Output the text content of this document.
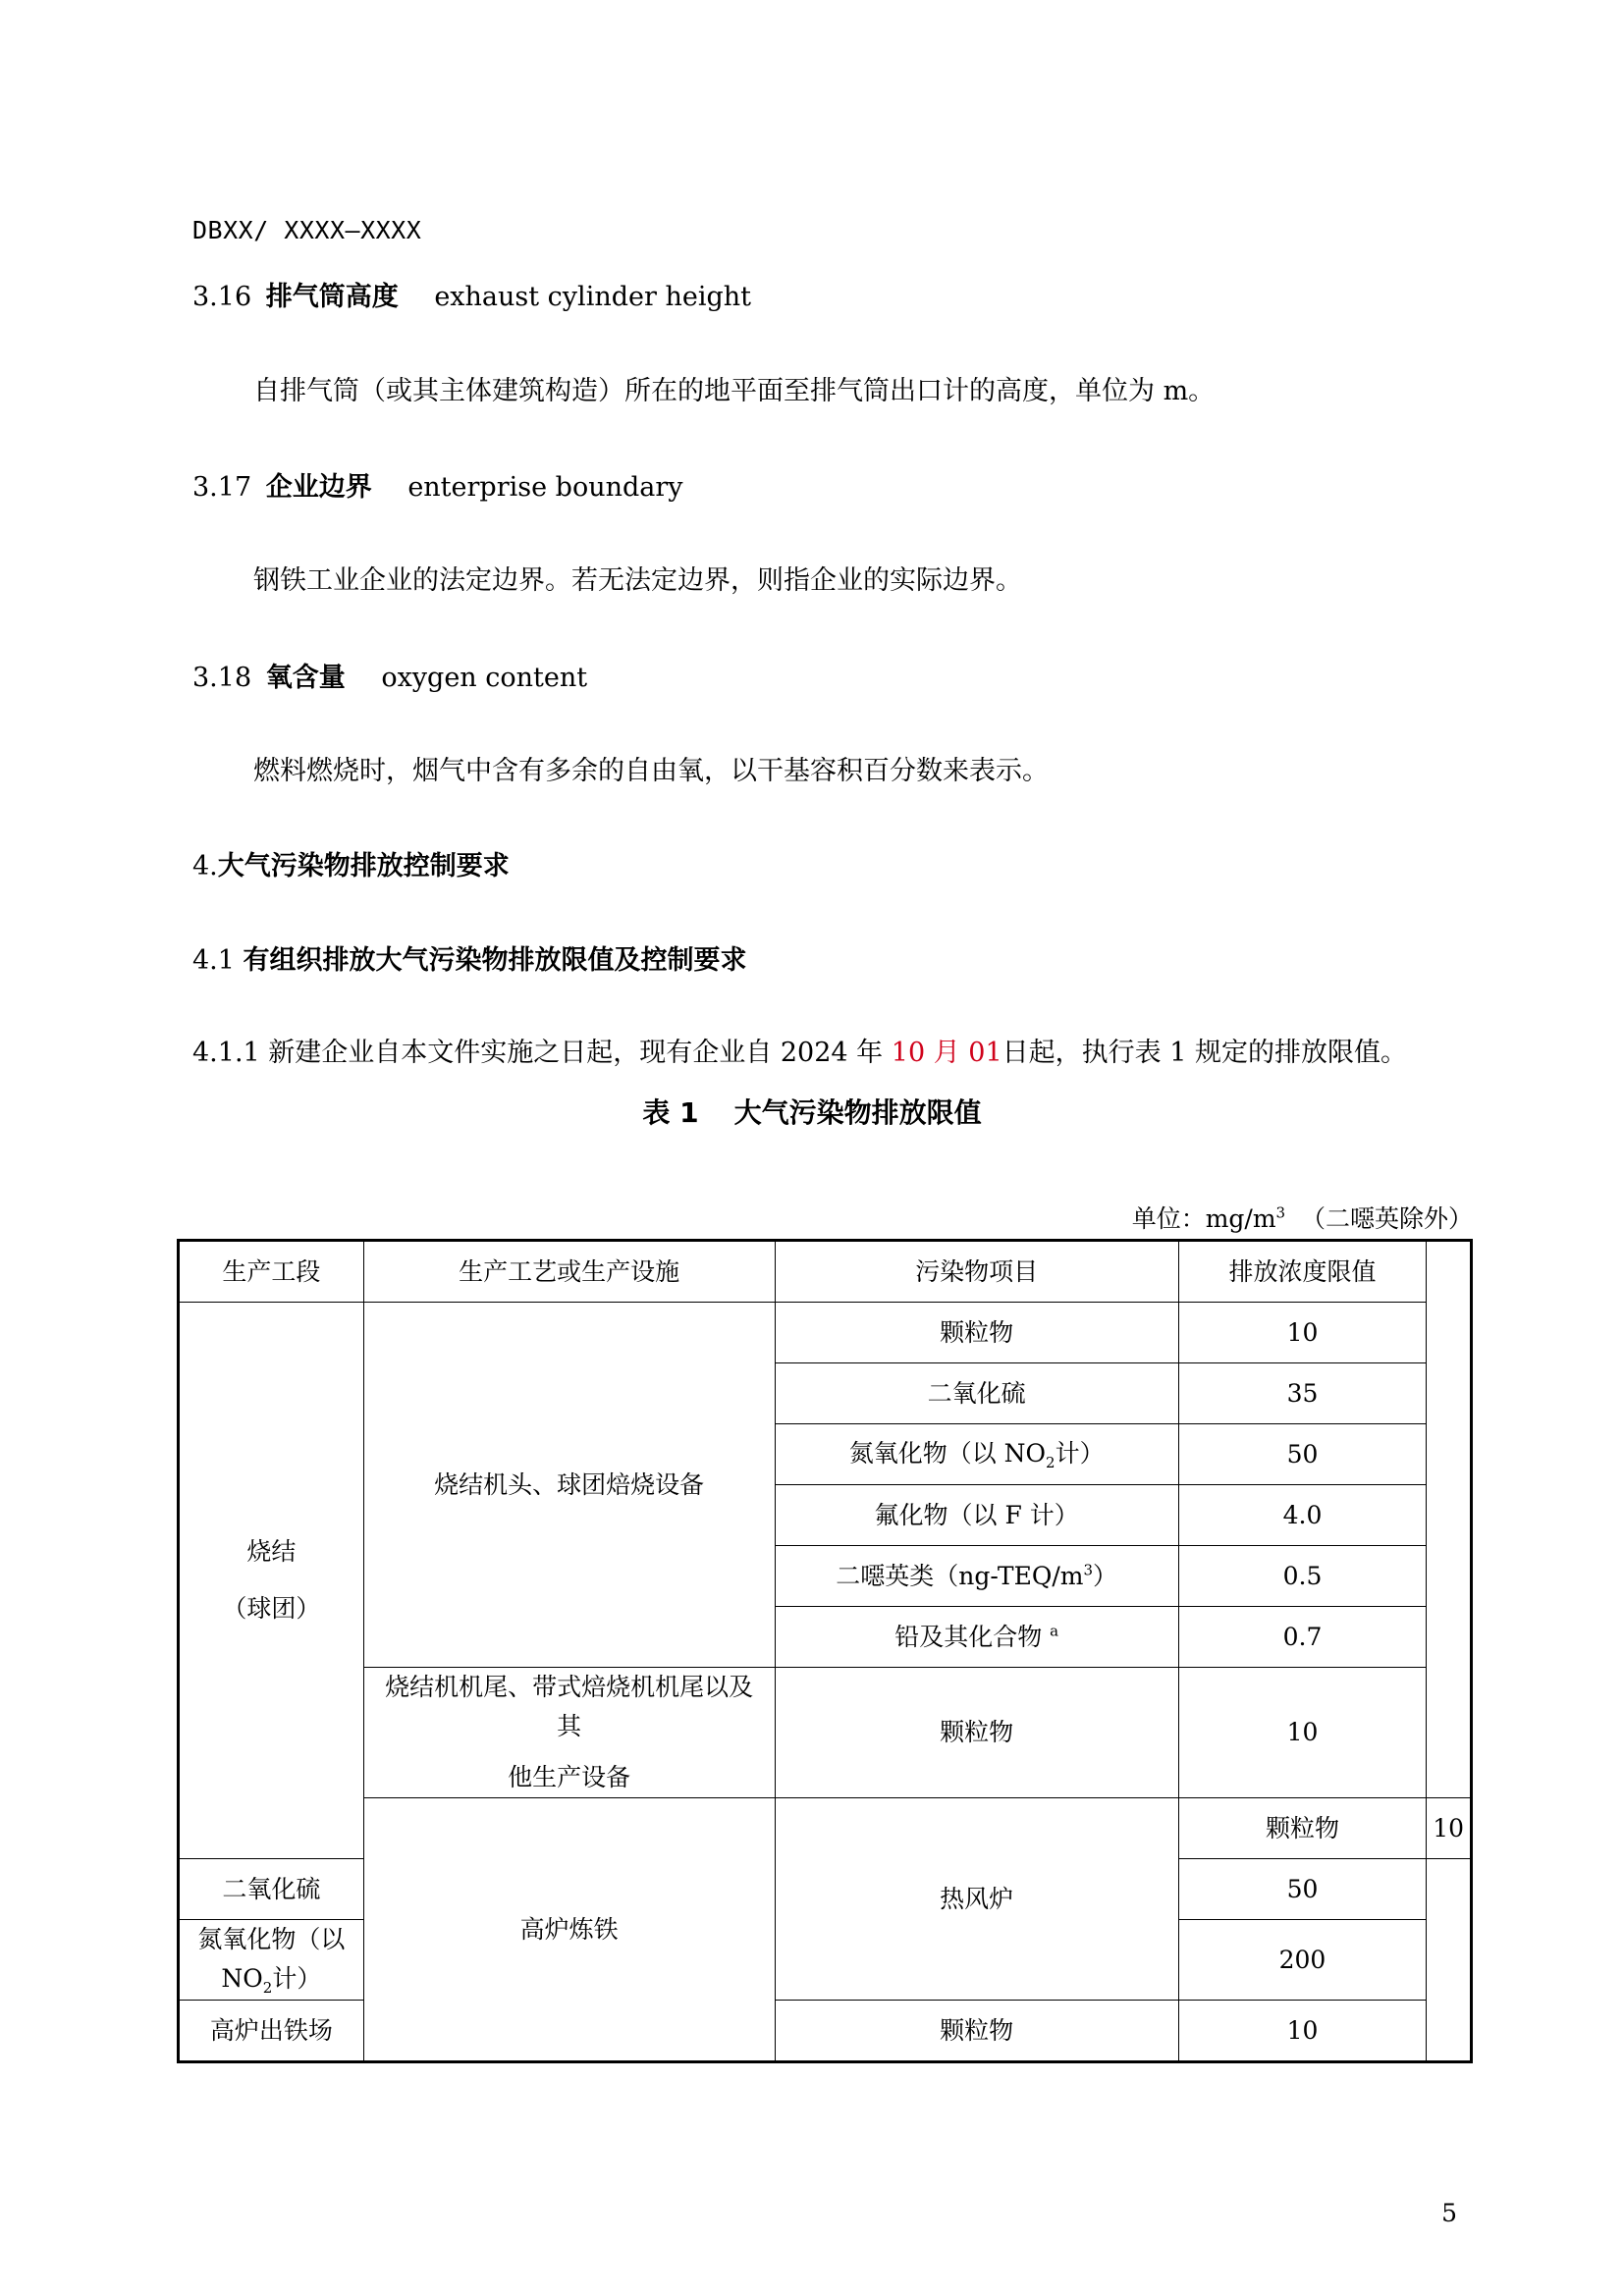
DBXX/ XXXX—XXXX
3.16 排气筒高度 exhaust cylinder height
自排气筒（或其主体建筑构造）所在的地平面至排气筒出口计的高度，单位为 m。
3.17 企业边界 enterprise boundary
钢铁工业企业的法定边界。若无法定边界，则指企业的实际边界。
3.18 氧含量 oxygen content
燃料燃烧时，烟气中含有多余的自由氧，以干基容积百分数来表示。
4.大气污染物排放控制要求
4.1 有组织排放大气污染物排放限值及控制要求
4.1.1 新建企业自本文件实施之日起，现有企业自 2024 年 10 月 01日起，执行表 1 规定的排放限值。
表 1 大气污染物排放限值
单位：$mg/m^3$ （二噁英除外）
生产工段	生产工艺或生产设施	污染物项目	排放浓度限值	

烧结
（球团）	烧结机头、球团焙烧设备	颗粒物	10	
		二氧化硫	35	
		氮氧化物（以 $NO_2$计）	50	
		氟化物（以 F 计）	4.0	
		二噁英类$(ng-TEQ/m^3)$	0.5	
		铅及其化合物 $^a$	0.7	

	烧结机机尾、带式焙烧机机尾以及 其
他生产设备	颗粒物	10	
	高炉炼铁	热风炉	颗粒物	10
二氧化硫			50	
氮氧化物（以 $NO_2$计）			200	
高炉出铁场		颗粒物	10	
5
